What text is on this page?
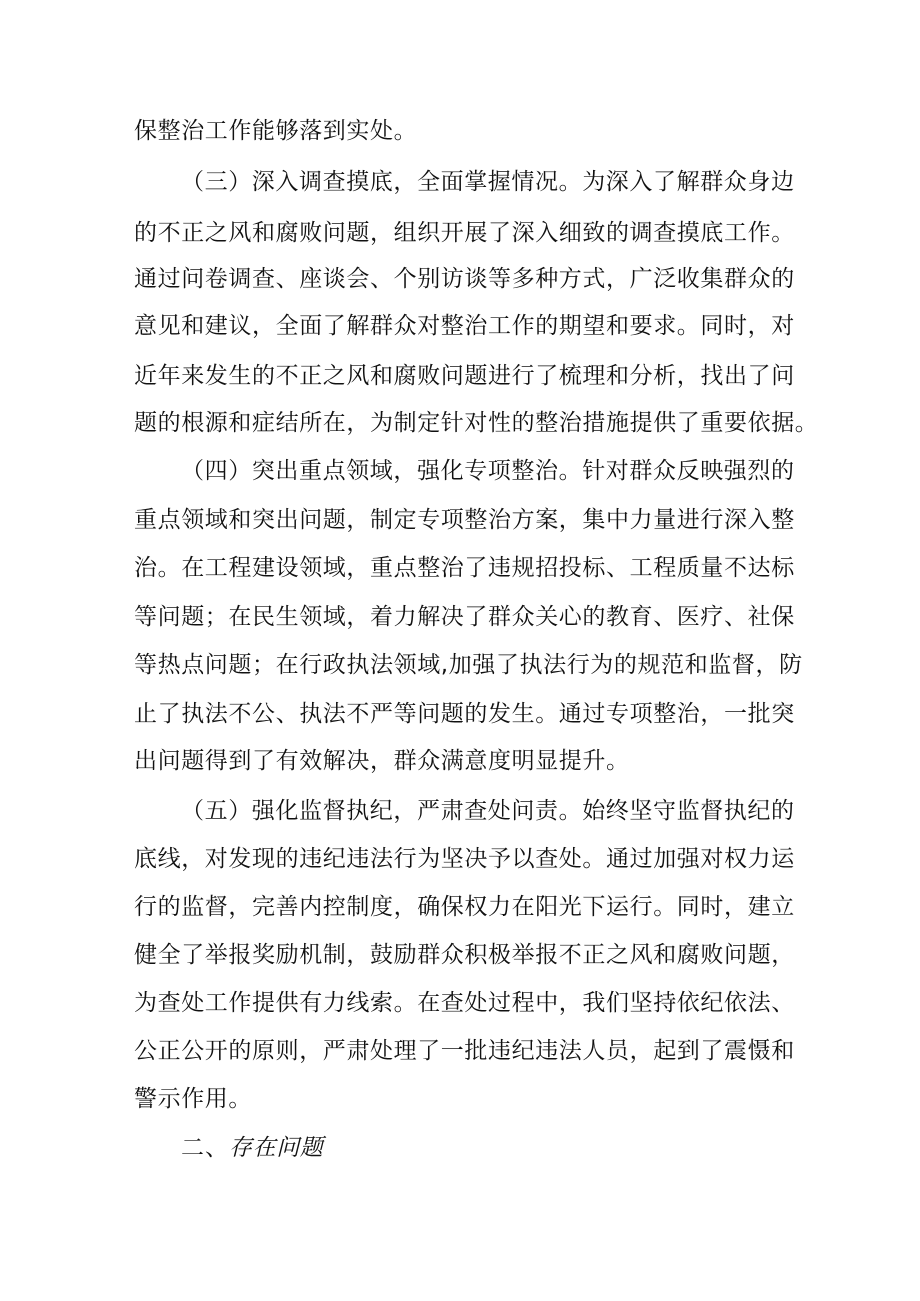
保整治工作能够落到实处。
（三）深入调查摸底，全面掌握情况。为深入了解群众身边
的不正之风和腐败问题，组织开展了深入细致的调查摸底工作。
通过问卷调查、座谈会、个别访谈等多种方式，广泛收集群众的
意见和建议，全面了解群众对整治工作的期望和要求。同时，对
近年来发生的不正之风和腐败问题进行了梳理和分析，找出了问
题的根源和症结所在，为制定针对性的整治措施提供了重要依据。
（四）突出重点领域，强化专项整治。针对群众反映强烈的
重点领域和突出问题，制定专项整治方案，集中力量进行深入整
治。在工程建设领域，重点整治了违规招投标、工程质量不达标
等问题；在民生领域，着力解决了群众关心的教育、医疗、社保
等热点问题；在行政执法领域,加强了执法行为的规范和监督，防
止了执法不公、执法不严等问题的发生。通过专项整治，一批突
出问题得到了有效解决，群众满意度明显提升。
（五）强化监督执纪，严肃查处问责。始终坚守监督执纪的
底线，对发现的违纪违法行为坚决予以查处。通过加强对权力运
行的监督，完善内控制度，确保权力在阳光下运行。同时，建立
健全了举报奖励机制，鼓励群众积极举报不正之风和腐败问题，
为查处工作提供有力线索。在查处过程中，我们坚持依纪依法、
公正公开的原则，严肃处理了一批违纪违法人员，起到了震慑和
警示作用。
二、存在问题
